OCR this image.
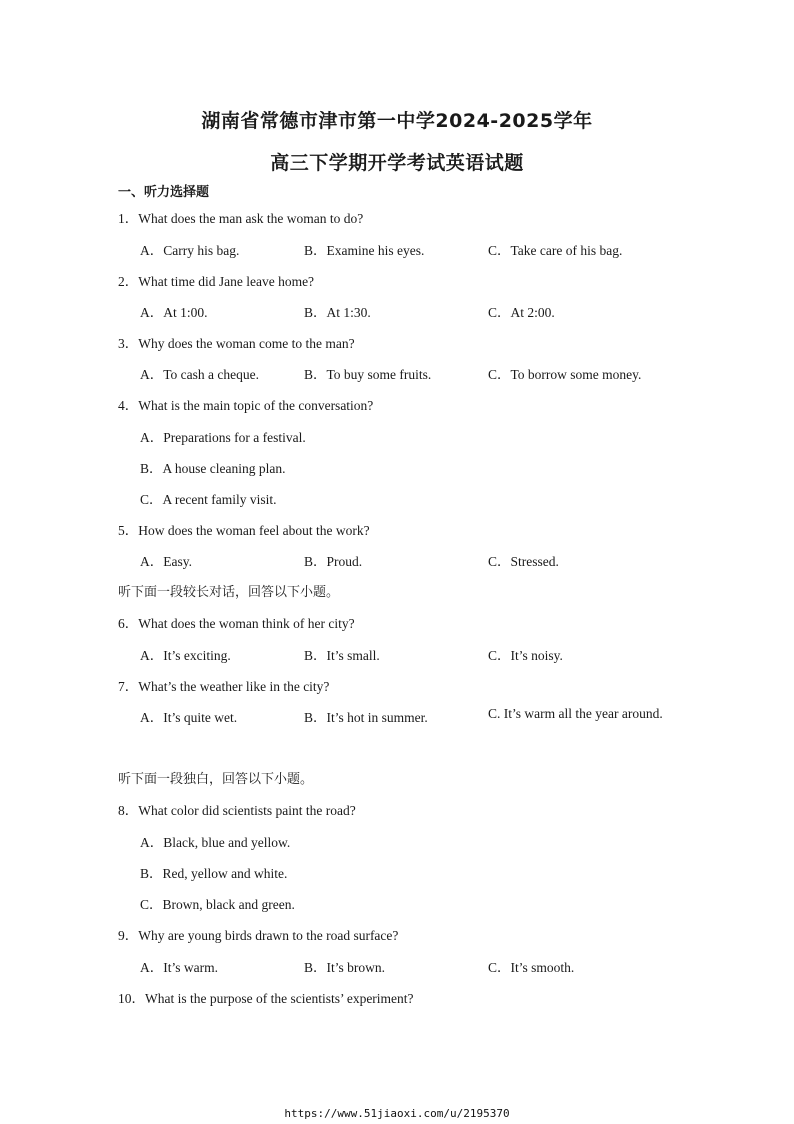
湖南省常德市津市第一中学2024-2025学年
高三下学期开学考试英语试题
一、听力选择题
1．What does the man ask the woman to do?
A．Carry his bag.	B．Examine his eyes.	C．Take care of his bag.
2．What time did Jane leave home?
A．At 1:00.	B．At 1:30.	C．At 2:00.
3．Why does the woman come to the man?
A．To cash a cheque.	B．To buy some fruits.	C．To borrow some money.
4．What is the main topic of the conversation?
A．Preparations for a festival.
B．A house cleaning plan.
C．A recent family visit.
5．How does the woman feel about the work?
A．Easy.	B．Proud.	C．Stressed.
听下面一段较长对话，回答以下小题。
6．What does the woman think of her city?
A．It’s exciting.	B．It’s small.	C．It’s noisy.
7．What’s the weather like in the city?
A．It’s quite wet.	B．It’s hot in summer.	C. It’s warm all the year around.
听下面一段独白，回答以下小题。
8．What color did scientists paint the road?
A．Black, blue and yellow.
B．Red, yellow and white.
C．Brown, black and green.
9．Why are young birds drawn to the road surface?
A．It’s warm.	B．It’s brown.	C．It’s smooth.
10．What is the purpose of the scientists’ experiment?
https://www.51jiaoxi.com/u/2195370
